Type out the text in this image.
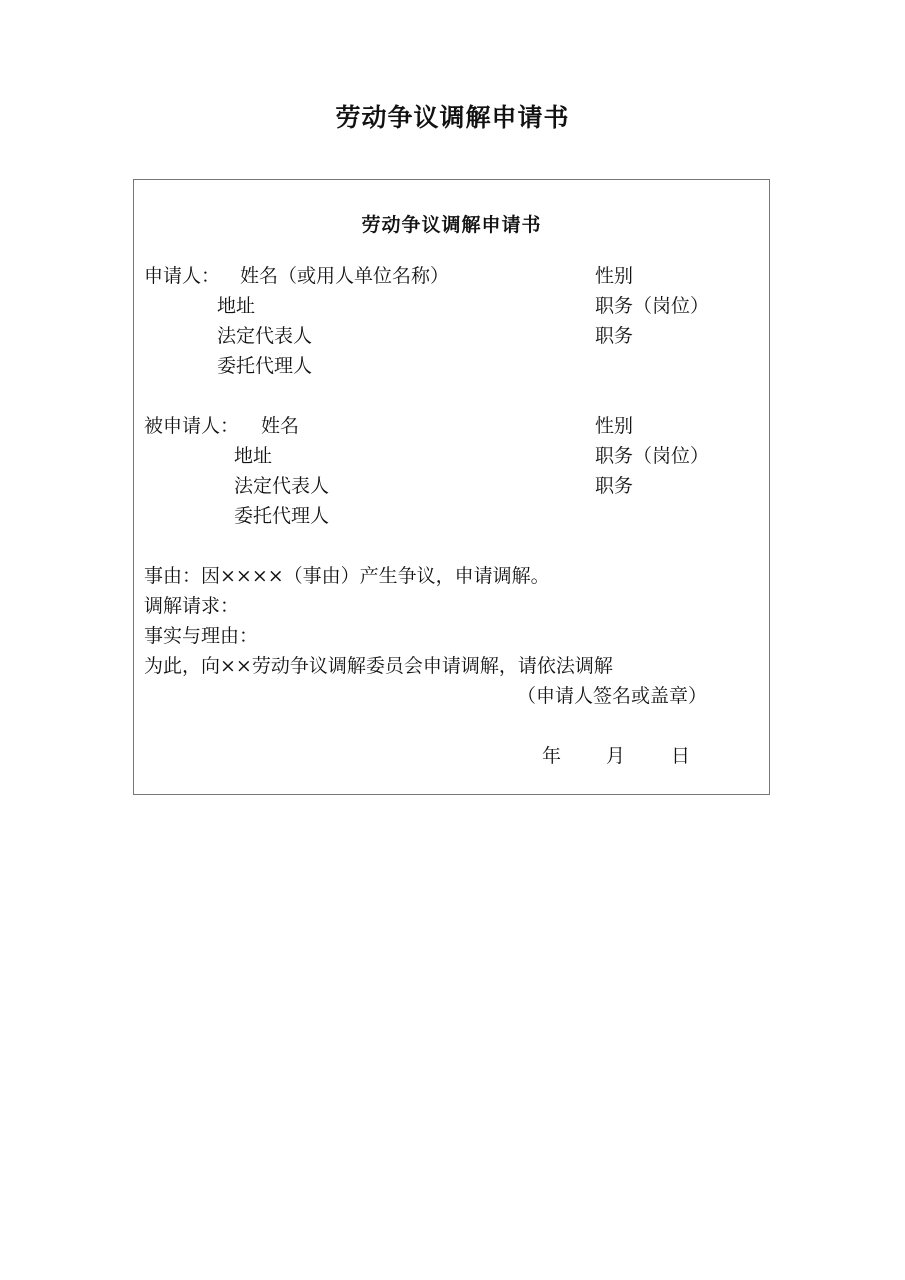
劳动争议调解申请书
劳动争议调解申请书
申请人： 姓名（或用人单位名称）	性别
地址	职务（岗位）
法定代表人	职务
委托代理人
被申请人： 姓名	性别
地址	职务（岗位）
法定代表人	职务
委托代理人
事由：因××××（事由）产生争议，申请调解。
调解请求：
事实与理由：
为此，向××劳动争议调解委员会申请调解，请依法调解
（申请人签名或盖章）
年 月 日
